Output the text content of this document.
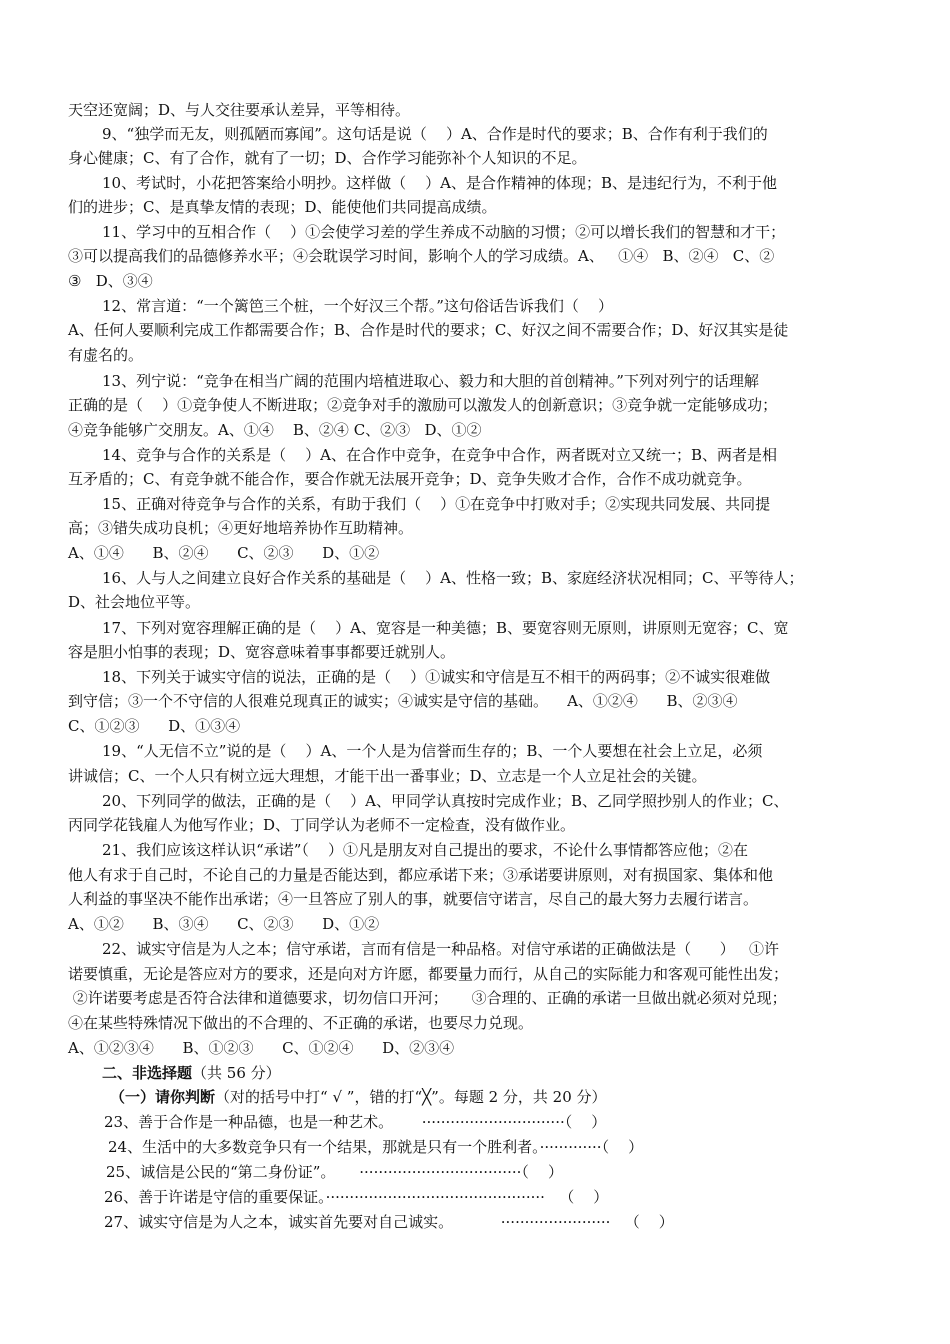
天空还宽阔；D、与人交往要承认差异，平等相待。
9、“独学而无友，则孤陋而寡闻”。这句话是说（    ）A、合作是时代的要求；B、合作有利于我们的
身心健康；C、有了合作，就有了一切；D、合作学习能弥补个人知识的不足。
10、考试时，小花把答案给小明抄。这样做（    ）A、是合作精神的体现；B、是违纪行为，不利于他
们的进步；C、是真挚友情的表现；D、能使他们共同提高成绩。
11、学习中的互相合作（    ）①会使学习差的学生养成不动脑的习惯；②可以增长我们的智慧和才干；
③可以提高我们的品德修养水平；④会耽误学习时间，影响个人的学习成绩。A、   ①④   B、②④   C、②
③   D、③④
12、常言道：“一个篱笆三个桩，一个好汉三个帮。”这句俗话告诉我们（    ）
A、任何人要顺利完成工作都需要合作；B、合作是时代的要求；C、好汉之间不需要合作；D、好汉其实是徒
有虚名的。
13、列宁说：“竞争在相当广阔的范围内培植进取心、毅力和大胆的首创精神。”下列对列宁的话理解
正确的是（    ）①竞争使人不断进取；②竞争对手的激励可以激发人的创新意识；③竞争就一定能够成功；
④竞争能够广交朋友。A、①④    B、②④ C、②③   D、①②
14、竞争与合作的关系是（    ）A、在合作中竞争，在竞争中合作，两者既对立又统一；B、两者是相
互矛盾的；C、有竞争就不能合作，要合作就无法展开竞争；D、竞争失败才合作，合作不成功就竞争。
15、正确对待竞争与合作的关系，有助于我们（    ）①在竞争中打败对手；②实现共同发展、共同提
高；③错失成功良机；④更好地培养协作互助精神。
A、①④      B、②④      C、②③      D、①②
16、人与人之间建立良好合作关系的基础是（    ）A、性格一致；B、家庭经济状况相同；C、平等待人；
D、社会地位平等。
17、下列对宽容理解正确的是（    ）A、宽容是一种美德；B、要宽容则无原则，讲原则无宽容；C、宽
容是胆小怕事的表现；D、宽容意味着事事都要迁就别人。
18、下列关于诚实守信的说法，正确的是（    ）①诚实和守信是互不相干的两码事；②不诚实很难做
到守信；③一个不守信的人很难兑现真正的诚实；④诚实是守信的基础。    A、①②④      B、②③④
C、①②③      D、①③④
19、“人无信不立”说的是（    ）A、一个人是为信誉而生存的；B、一个人要想在社会上立足，必须
讲诚信；C、一个人只有树立远大理想，才能干出一番事业；D、立志是一个人立足社会的关键。
20、下列同学的做法，正确的是（    ）A、甲同学认真按时完成作业；B、乙同学照抄别人的作业；C、
丙同学花钱雇人为他写作业；D、丁同学认为老师不一定检查，没有做作业。
21、我们应该这样认识“承诺”（    ）①凡是朋友对自己提出的要求，不论什么事情都答应他；②在
他人有求于自己时，不论自己的力量是否能达到，都应承诺下来；③承诺要讲原则，对有损国家、集体和他
人利益的事坚决不能作出承诺；④一旦答应了别人的事，就要信守诺言，尽自己的最大努力去履行诺言。
A、①②      B、③④      C、②③      D、①②
22、诚实守信是为人之本；信守承诺，言而有信是一种品格。对信守承诺的正确做法是（      ）   ①许
诺要慎重，无论是答应对方的要求，还是向对方许愿，都要量力而行，从自己的实际能力和客观可能性出发；
②许诺要考虑是否符合法律和道德要求，切勿信口开河；     ③合理的、正确的承诺一旦做出就必须对兑现；
④在某些特殊情况下做出的不合理的、不正确的承诺，也要尽力兑现。
A、①②③④      B、①②③      C、①②④      D、②③④
二、非选择题（共 56 分）
（一）请你判断（对的括号中打“ √ ”，错的打“╳”。每题 2 分，共 20 分）
23、善于合作是一种品德，也是一种艺术。      ······························（    ）
24、生活中的大多数竞争只有一个结果，那就是只有一个胜利者。·············（    ）
25、诚信是公民的“第二身份证”。     ··································（    ）
26、善于许诺是守信的重要保证。··············································   （    ）
27、诚实守信是为人之本，诚实首先要对自己诚实。          ·······················   （    ）
